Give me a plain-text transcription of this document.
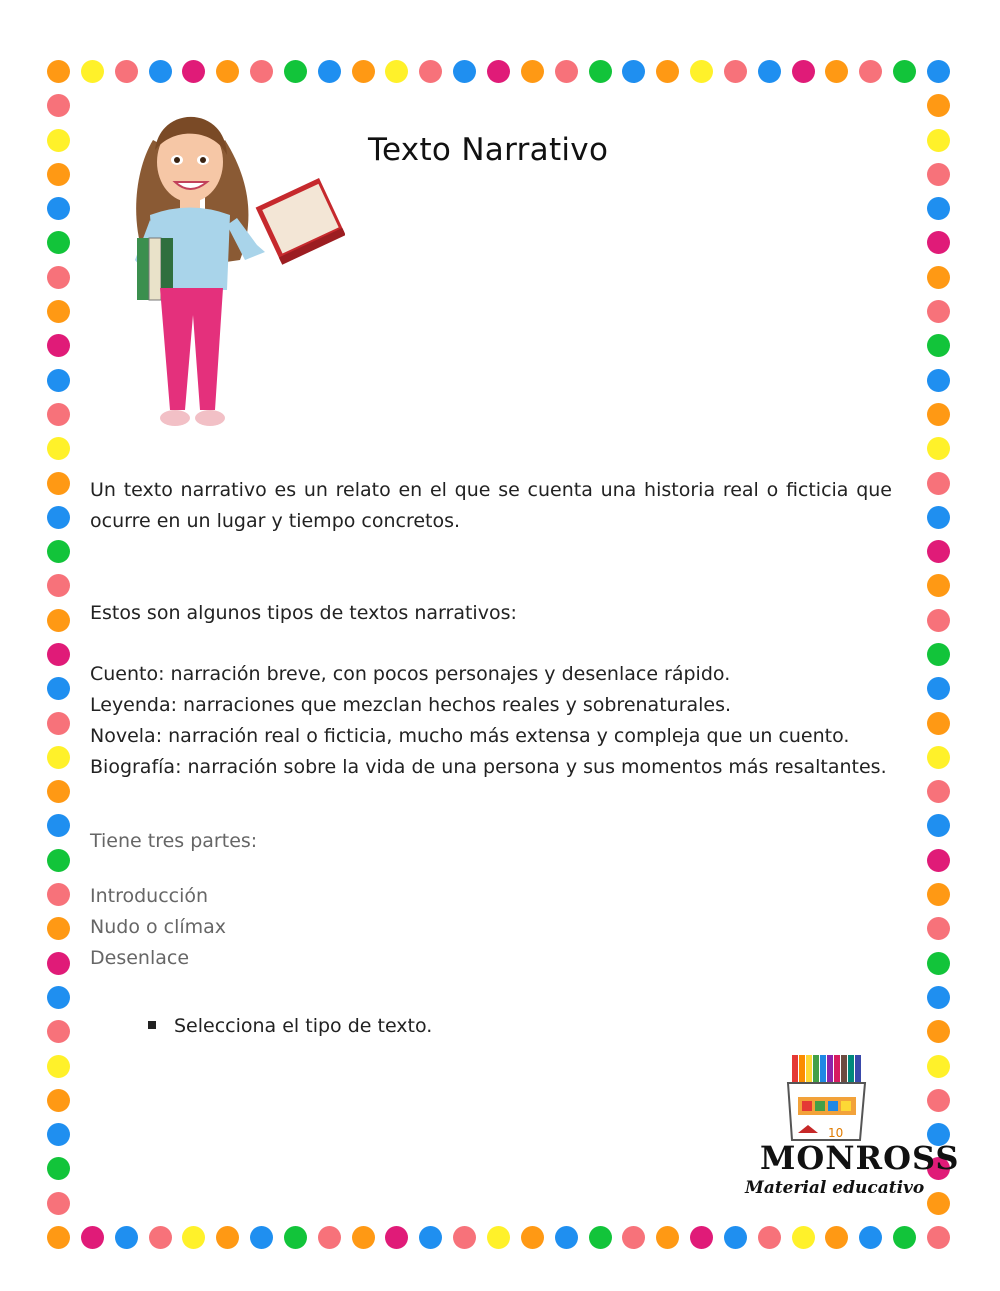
Texto Narrativo

Un texto narrativo es un relato en el que se cuenta una historia real o ficticia que ocurre en un lugar y tiempo concretos.

Estos son algunos tipos de textos narrativos:

Cuento: narración breve, con pocos personajes y desenlace rápido.
Leyenda: narraciones que mezclan hechos reales y sobrenaturales.
Novela: narración real o ficticia, mucho más extensa y compleja que un cuento.
Biografía: narración sobre la vida de una persona y sus momentos más resaltantes.

Tiene tres partes:

Introducción
Nudo o clímax
Desenlace
Selecciona el tipo de texto.
10
MONROSS
Material educativo
